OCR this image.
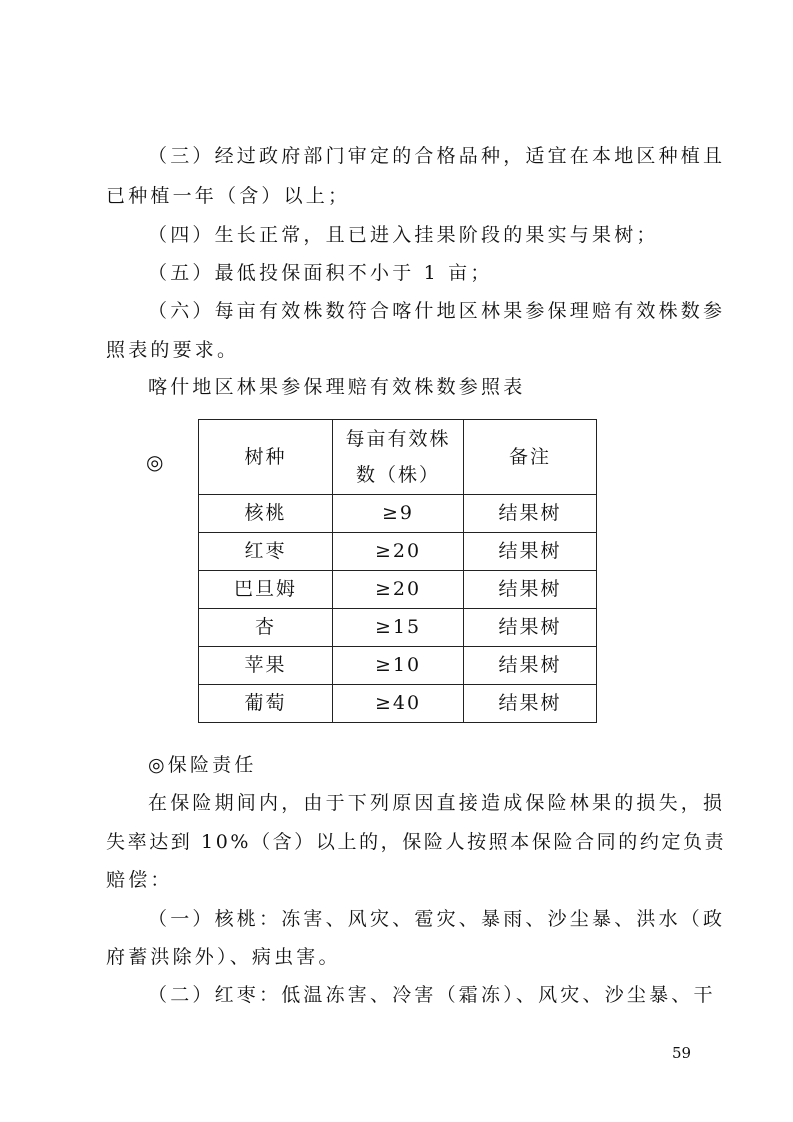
（三）经过政府部门审定的合格品种，适宜在本地区种植且
已种植一年（含）以上；
（四）生长正常，且已进入挂果阶段的果实与果树；
（五）最低投保面积不小于 1 亩；
（六）每亩有效株数符合喀什地区林果参保理赔有效株数参
照表的要求。
喀什地区林果参保理赔有效株数参照表
◎	树种	每亩有效株
数（株）	备注
核桃	≥9	结果树
红枣	≥20	结果树
巴旦姆	≥20	结果树
杏	≥15	结果树
苹果	≥10	结果树
葡萄	≥40	结果树
◎保险责任
在保险期间内，由于下列原因直接造成保险林果的损失，损
失率达到 10%（含）以上的，保险人按照本保险合同的约定负责
赔偿：
（一）核桃：冻害、风灾、雹灾、暴雨、沙尘暴、洪水（政
府蓄洪除外）、病虫害。
（二）红枣：低温冻害、冷害（霜冻）、风灾、沙尘暴、干
59
